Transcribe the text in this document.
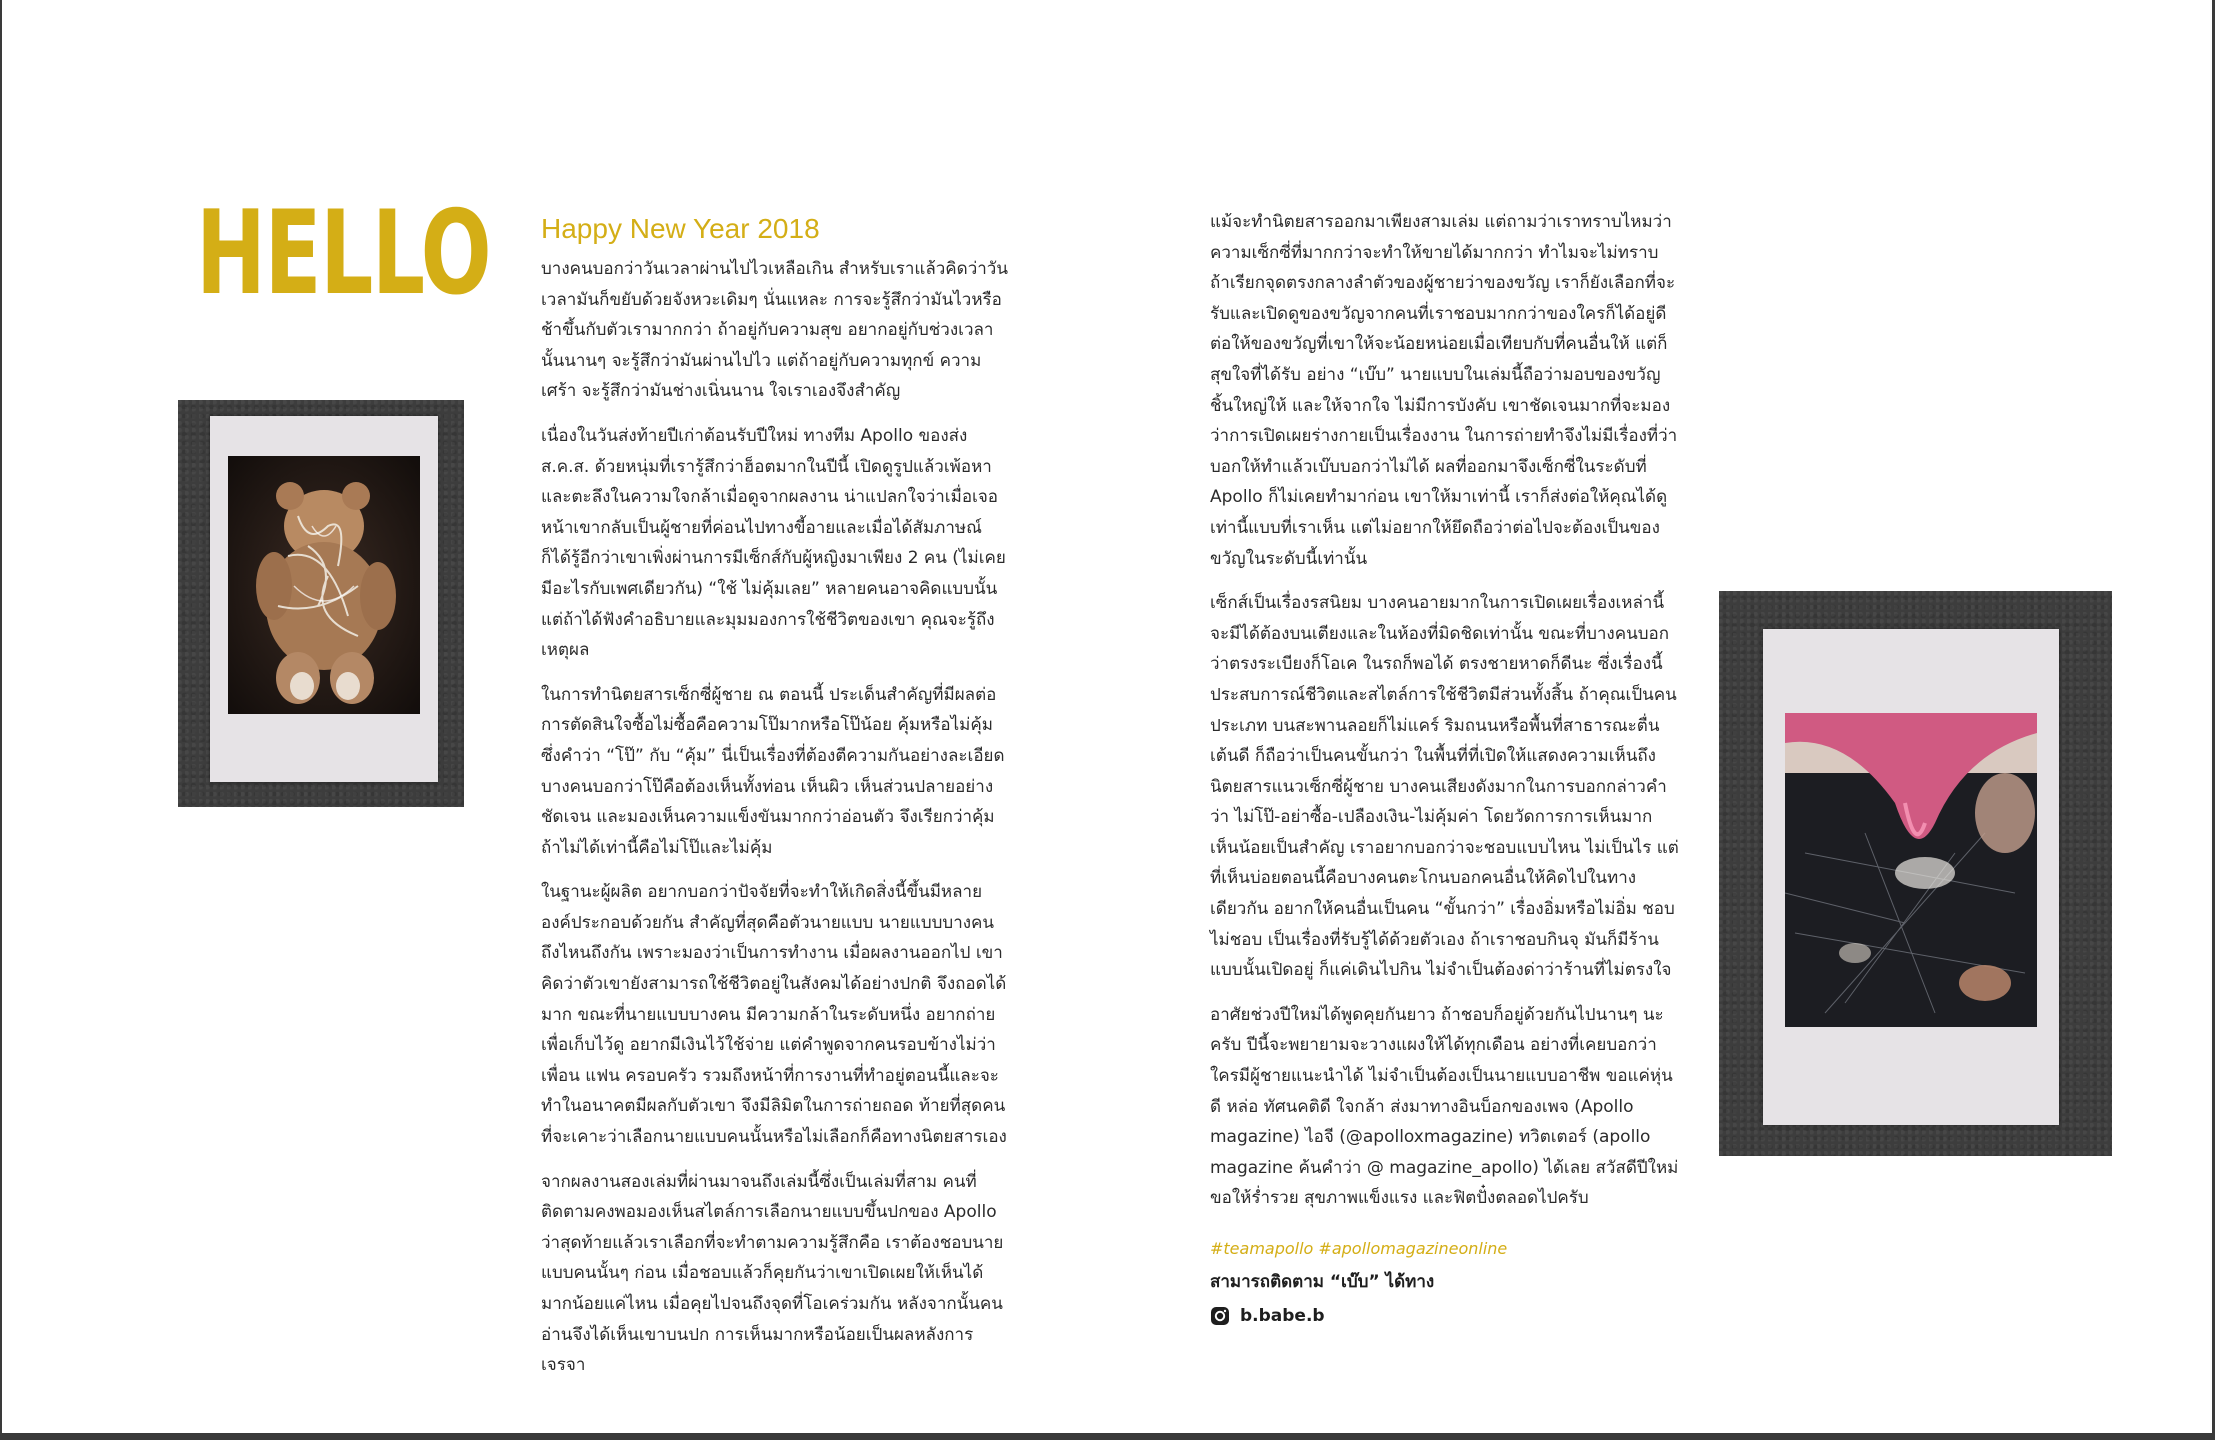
HELLO Happy New Year 2018

บางคนบอกว่าวันเวลาผ่านไปไวเหลือเกิน สำหรับเราแล้วคิดว่าวันเวลามันก็ขยับด้วยจังหวะเดิมๆ นั่นแหละ การจะรู้สึกว่ามันไวหรือช้าขึ้นกับตัวเรามากกว่า ถ้าอยู่กับความสุข อยากอยู่กับช่วงเวลานั้นนานๆ จะรู้สึกว่ามันผ่านไปไว แต่ถ้าอยู่กับความทุกข์ ความเศร้า จะรู้สึกว่ามันช่างเนิ่นนาน ใจเราเองจึงสำคัญ

เนื่องในวันส่งท้ายปีเก่าต้อนรับปีใหม่ ทางทีม Apollo ของส่ง ส.ค.ส. ด้วยหนุ่มที่เรารู้สึกว่าฮ็อตมากในปีนี้ เปิดดูรูปแล้วเพ้อหาและตะลึงในความใจกล้าเมื่อดูจากผลงาน น่าแปลกใจว่าเมื่อเจอหน้าเขากลับเป็นผู้ชายที่ค่อนไปทางขี้อายและเมื่อได้สัมภาษณ์ก็ได้รู้อีกว่าเขาเพิ่งผ่านการมีเซ็กส์กับผู้หญิงมาเพียง 2 คน (ไม่เคยมีอะไรกับเพศเดียวกัน) “ใช้ ไม่คุ้มเลย” หลายคนอาจคิดแบบนั้น แต่ถ้าได้ฟังคำอธิบายและมุมมองการใช้ชีวิตของเขา คุณจะรู้ถึงเหตุผล

ในการทำนิตยสารเซ็กซี่ผู้ชาย ณ ตอนนี้ ประเด็นสำคัญที่มีผลต่อการตัดสินใจซื้อไม่ซื้อคือความโป๊มากหรือโป๊น้อย คุ้มหรือไม่คุ้ม ซึ่งคำว่า “โป๊” กับ “คุ้ม” นี่เป็นเรื่องที่ต้องตีความกันอย่างละเอียด บางคนบอกว่าโป๊คือต้องเห็นทั้งท่อน เห็นผิว เห็นส่วนปลายอย่างชัดเจน และมองเห็นความแข็งขันมากกว่าอ่อนตัว จึงเรียกว่าคุ้ม ถ้าไม่ได้เท่านี้คือไม่โป๊และไม่คุ้ม

ในฐานะผู้ผลิต อยากบอกว่าปัจจัยที่จะทำให้เกิดสิ่งนี้ขึ้นมีหลายองค์ประกอบด้วยกัน สำคัญที่สุดคือตัวนายแบบ นายแบบบางคนถึงไหนถึงกัน เพราะมองว่าเป็นการทำงาน เมื่อผลงานออกไป เขาคิดว่าตัวเขายังสามารถใช้ชีวิตอยู่ในสังคมได้อย่างปกติ จึงถอดได้มาก ขณะที่นายแบบบางคน มีความกล้าในระดับหนึ่ง อยากถ่ายเพื่อเก็บไว้ดู อยากมีเงินไว้ใช้จ่าย แต่คำพูดจากคนรอบข้างไม่ว่าเพื่อน แฟน ครอบครัว รวมถึงหน้าที่การงานที่ทำอยู่ตอนนี้และจะทำในอนาคตมีผลกับตัวเขา จึงมีลิมิตในการถ่ายถอด ท้ายที่สุดคนที่จะเคาะว่าเลือกนายแบบคนนั้นหรือไม่เลือกก็คือทางนิตยสารเอง

จากผลงานสองเล่มที่ผ่านมาจนถึงเล่มนี้ซึ่งเป็นเล่มที่สาม คนที่ติดตามคงพอมองเห็นสไตล์การเลือกนายแบบขึ้นปกของ Apollo ว่าสุดท้ายแล้วเราเลือกที่จะทำตามความรู้สึกคือ เราต้องชอบนายแบบคนนั้นๆ ก่อน เมื่อชอบแล้วก็คุยกันว่าเขาเปิดเผยให้เห็นได้มากน้อยแค่ไหน เมื่อคุยไปจนถึงจุดที่โอเคร่วมกัน หลังจากนั้นคนอ่านจึงได้เห็นเขาบนปก การเห็นมากหรือน้อยเป็นผลหลังการเจรจา

แม้จะทำนิตยสารออกมาเพียงสามเล่ม แต่ถามว่าเราทราบไหมว่าความเซ็กซี่ที่มากกว่าจะทำให้ขายได้มากกว่า ทำไมจะไม่ทราบ ถ้าเรียกจุดตรงกลางลำตัวของผู้ชายว่าของขวัญ เราก็ยังเลือกที่จะรับและเปิดดูของขวัญจากคนที่เราชอบมากกว่าของใครก็ได้อยู่ดี ต่อให้ของขวัญที่เขาให้จะน้อยหน่อยเมื่อเทียบกับที่คนอื่นให้ แต่ก็สุขใจที่ได้รับ อย่าง “เบ๊บ” นายแบบในเล่มนี้ถือว่ามอบของขวัญชิ้นใหญ่ให้ และให้จากใจ ไม่มีการบังคับ เขาชัดเจนมากที่จะมองว่าการเปิดเผยร่างกายเป็นเรื่องงาน ในการถ่ายทำจึงไม่มีเรื่องที่ว่าบอกให้ทำแล้วเบ๊บบอกว่าไม่ได้ ผลที่ออกมาจึงเซ็กซี่ในระดับที่ Apollo ก็ไม่เคยทำมาก่อน เขาให้มาเท่านี้ เราก็ส่งต่อให้คุณได้ดูเท่านี้แบบที่เราเห็น แต่ไม่อยากให้ยึดถือว่าต่อไปจะต้องเป็นของขวัญในระดับนี้เท่านั้น

เซ็กส์เป็นเรื่องรสนิยม บางคนอายมากในการเปิดเผยเรื่องเหล่านี้ จะมีได้ต้องบนเตียงและในห้องที่มิดชิดเท่านั้น ขณะที่บางคนบอกว่าตรงระเบียงก็โอเค ในรถก็พอได้ ตรงชายหาดก็ดีนะ ซึ่งเรื่องนี้ประสบการณ์ชีวิตและสไตล์การใช้ชีวิตมีส่วนทั้งสิ้น ถ้าคุณเป็นคนประเภท บนสะพานลอยก็ไม่แคร์ ริมถนนหรือพื้นที่สาธารณะตื่นเต้นดี ก็ถือว่าเป็นคนขั้นกว่า ในพื้นที่ที่เปิดให้แสดงความเห็นถึงนิตยสารแนวเซ็กซี่ผู้ชาย บางคนเสียงดังมากในการบอกกล่าวคำว่า ไม่โป๊-อย่าซื้อ-เปลืองเงิน-ไม่คุ้มค่า โดยวัดการการเห็นมากเห็นน้อยเป็นสำคัญ เราอยากบอกว่าจะชอบแบบไหน ไม่เป็นไร แต่ที่เห็นบ่อยตอนนี้คือบางคนตะโกนบอกคนอื่นให้คิดไปในทางเดียวกัน อยากให้คนอื่นเป็นคน “ขั้นกว่า” เรื่องอิ่มหรือไม่อิ่ม ชอบไม่ชอบ เป็นเรื่องที่รับรู้ได้ด้วยตัวเอง ถ้าเราชอบกินจุ มันก็มีร้านแบบนั้นเปิดอยู่ ก็แค่เดินไปกิน ไม่จำเป็นต้องด่าว่าร้านที่ไม่ตรงใจ

อาศัยช่วงปีใหม่ได้พูดคุยกันยาว ถ้าชอบก็อยู่ด้วยกันไปนานๆ นะครับ ปีนี้จะพยายามจะวางแผงให้ได้ทุกเดือน อย่างที่เคยบอกว่าใครมีผู้ชายแนะนำได้ ไม่จำเป็นต้องเป็นนายแบบอาชีพ ขอแค่หุ่นดี หล่อ ทัศนคติดี ใจกล้า ส่งมาทางอินบ็อกของเพจ (Apollo magazine) ไอจี (@apolloxmagazine) ทวิตเตอร์ (apollo magazine ค้นคำว่า @ magazine_apollo) ได้เลย สวัสดีปีใหม่ ขอให้ร่ำรวย สุขภาพแข็งแรง และฟิตปั๋งตลอดไปครับ

#teamapollo #apollomagazineonline
สามารถติดตาม “เบ๊บ” ได้ทาง
b.babe.b
